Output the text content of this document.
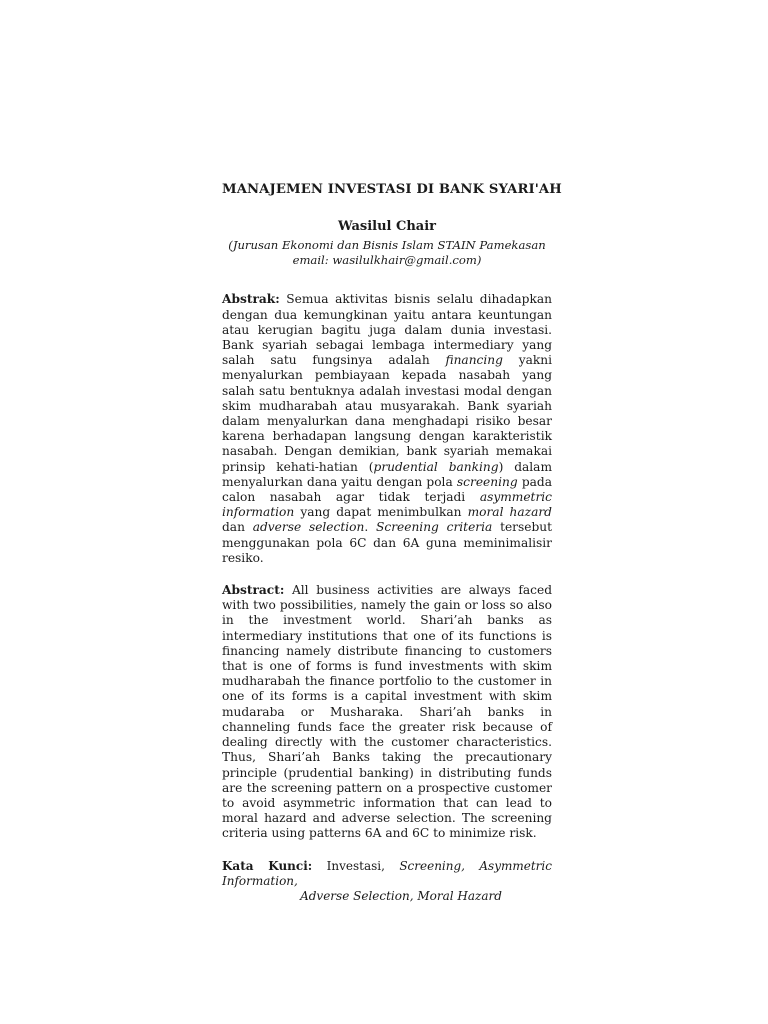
MANAJEMEN INVESTASI DI BANK SYARI'AH

Wasilul Chair

(Jurusan Ekonomi dan Bisnis Islam STAIN Pamekasan

email: wasilulkhair@gmail.com)

Abstrak: Semua aktivitas bisnis selalu dihadapkan dengan dua kemungkinan yaitu antara keuntungan atau kerugian bagitu juga dalam dunia investasi. Bank syariah sebagai lembaga intermediary yang salah satu fungsinya adalah financing yakni menyalurkan pembiayaan kepada nasabah yang salah satu bentuknya adalah investasi modal dengan skim mudharabah atau musyarakah. Bank syariah dalam menyalurkan dana menghadapi risiko besar karena berhadapan langsung dengan karakteristik nasabah. Dengan demikian, bank syariah memakai prinsip kehati-hatian (prudential banking) dalam menyalurkan dana yaitu dengan pola screening pada calon nasabah agar tidak terjadi asymmetric information yang dapat menimbulkan moral hazard dan adverse selection. Screening criteria tersebut menggunakan pola 6C dan 6A guna meminimalisir resiko.

Abstract: All business activities are always faced with two possibilities, namely the gain or loss so also in the investment world. Shari’ah banks as intermediary institutions that one of its functions is financing namely distribute financing to customers that is one of forms is fund investments with skim mudharabah the finance portfolio to the customer in one of its forms is a capital investment with skim mudaraba or Musharaka. Shari’ah banks in channeling funds face the greater risk because of dealing directly with the customer characteristics. Thus, Shari’ah Banks taking the precautionary principle (prudential banking) in distributing funds are the screening pattern on a prospective customer to avoid asymmetric information that can lead to moral hazard and adverse selection. The screening criteria using patterns 6A and 6C to minimize risk.

Kata Kunci: Investasi, Screening, Asymmetric Information,
Adverse Selection, Moral Hazard
